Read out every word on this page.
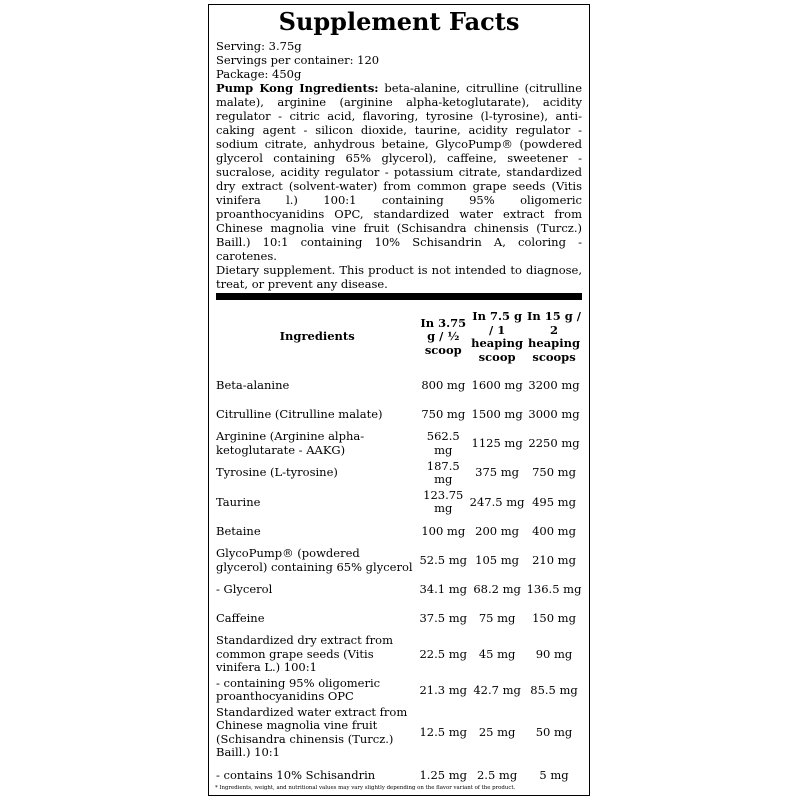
Supplement Facts
Serving: 3.75g
Servings per container: 120
Package: 450g
Pump Kong Ingredients: beta-alanine, citrulline (citrulline malate), arginine (arginine alpha-ketoglutarate), acidity regulator - citric acid, flavoring, tyrosine (l-tyrosine), anti-caking agent - silicon dioxide, taurine, acidity regulator - sodium citrate, anhydrous betaine, GlycoPump® (powdered glycerol containing 65% glycerol), caffeine, sweetener - sucralose, acidity regulator - potassium citrate, standardized dry extract (solvent-water) from common grape seeds (Vitis vinifera l.) 100:1 containing 95% oligomeric proanthocyanidins OPC, standardized water extract from Chinese magnolia vine fruit (Schisandra chinensis (Turcz.) Baill.) 10:1 containing 10% Schisandrin A, coloring - carotenes.
Dietary supplement. This product is not intended to diagnose, treat, or prevent any disease.
Ingredients	In 3.75 g / ½ scoop	In 7.5 g / 1 heaping scoop	In 15 g / 2 heaping scoops
Beta-alanine	800 mg	1600 mg	3200 mg
Citrulline (Citrulline malate)	750 mg	1500 mg	3000 mg
Arginine (Arginine alpha-ketoglutarate - AAKG)	562.5 mg	1125 mg	2250 mg
Tyrosine (L-tyrosine)	187.5 mg	375 mg	750 mg
Taurine	123.75 mg	247.5 mg	495 mg
Betaine	100 mg	200 mg	400 mg
GlycoPump® (powdered glycerol) containing 65% glycerol	52.5 mg	105 mg	210 mg
- Glycerol	34.1 mg	68.2 mg	136.5 mg
Caffeine	37.5 mg	75 mg	150 mg
Standardized dry extract from common grape seeds (Vitis vinifera L.) 100:1	22.5 mg	45 mg	90 mg
- containing 95% oligomeric proanthocyanidins OPC	21.3 mg	42.7 mg	85.5 mg
Standardized water extract from Chinese magnolia vine fruit (Schisandra chinensis (Turcz.) Baill.) 10:1	12.5 mg	25 mg	50 mg
- contains 10% Schisandrin	1.25 mg	2.5 mg	5 mg
* Ingredients, weight, and nutritional values may vary slightly depending on the flavor variant of the product.
